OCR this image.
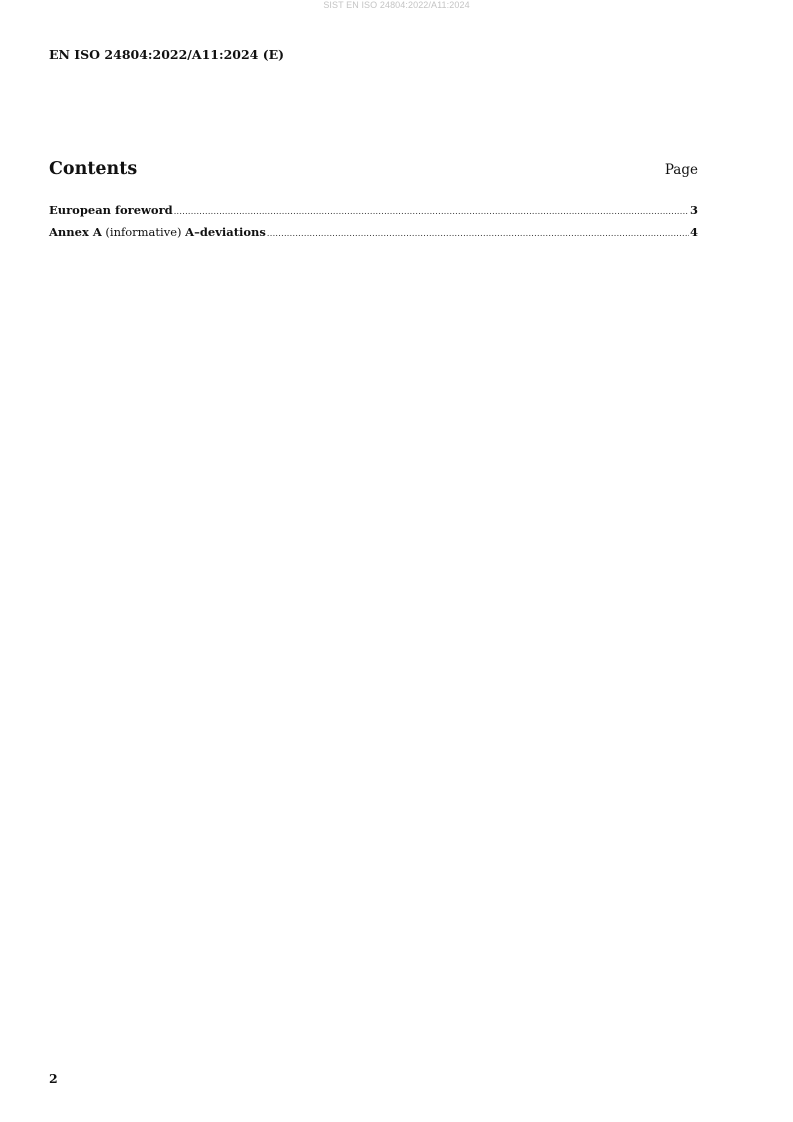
SIST EN ISO 24804:2022/A11:2024
EN ISO 24804:2022/A11:2024 (E)
Contents	Page
European foreword .....	3
Annex A (informative) A–deviations .....	4
2
